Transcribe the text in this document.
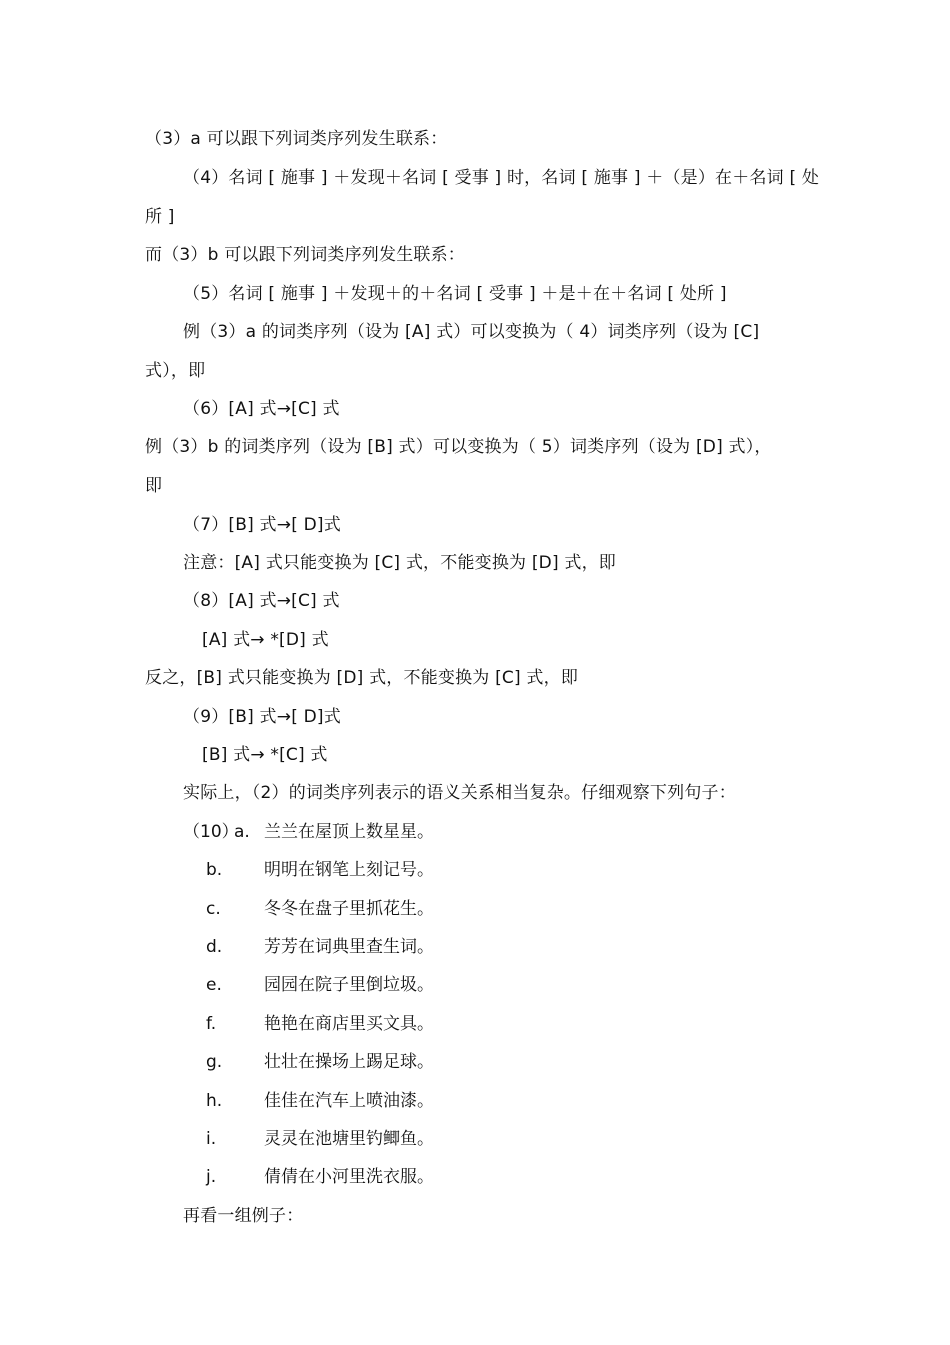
（3）a 可以跟下列词类序列发生联系：
（4）名词 [ 施事 ] ＋发现＋名词 [ 受事 ] 时，名词 [ 施事 ] ＋（是）在＋名词 [ 处
所 ]
而（3）b 可以跟下列词类序列发生联系：
（5）名词 [ 施事 ] ＋发现＋的＋名词 [ 受事 ] ＋是＋在＋名词 [ 处所 ]
例（3）a 的词类序列（设为 [A] 式）可以变换为（ 4）词类序列（设为 [C]
式），即
（6）[A] 式→[C] 式
例（3）b 的词类序列（设为 [B] 式）可以变换为（ 5）词类序列（设为 [D] 式），
即
（7）[B] 式→[ D]式
注意：[A] 式只能变换为 [C] 式，不能变换为 [D] 式，即
（8）[A] 式→[C] 式
[A] 式→ *[D] 式
反之，[B] 式只能变换为 [D] 式，不能变换为 [C] 式，即
（9）[B] 式→[ D]式
[B] 式→ *[C] 式
实际上，（2）的词类序列表示的语义关系相当复杂。仔细观察下列句子：
（10）
a. 兰兰在屋顶上数星星。
b. 明明在钢笔上刻记号。
c.	冬冬在盘子里抓花生。
d. 芳芳在词典里查生词。
e. 园园在院子里倒垃圾。
f.	艳艳在商店里买文具。
g. 壮壮在操场上踢足球。
h. 佳佳在汽车上喷油漆。
i.	灵灵在池塘里钓鲫鱼。
j.	倩倩在小河里洗衣服。
再看一组例子：
